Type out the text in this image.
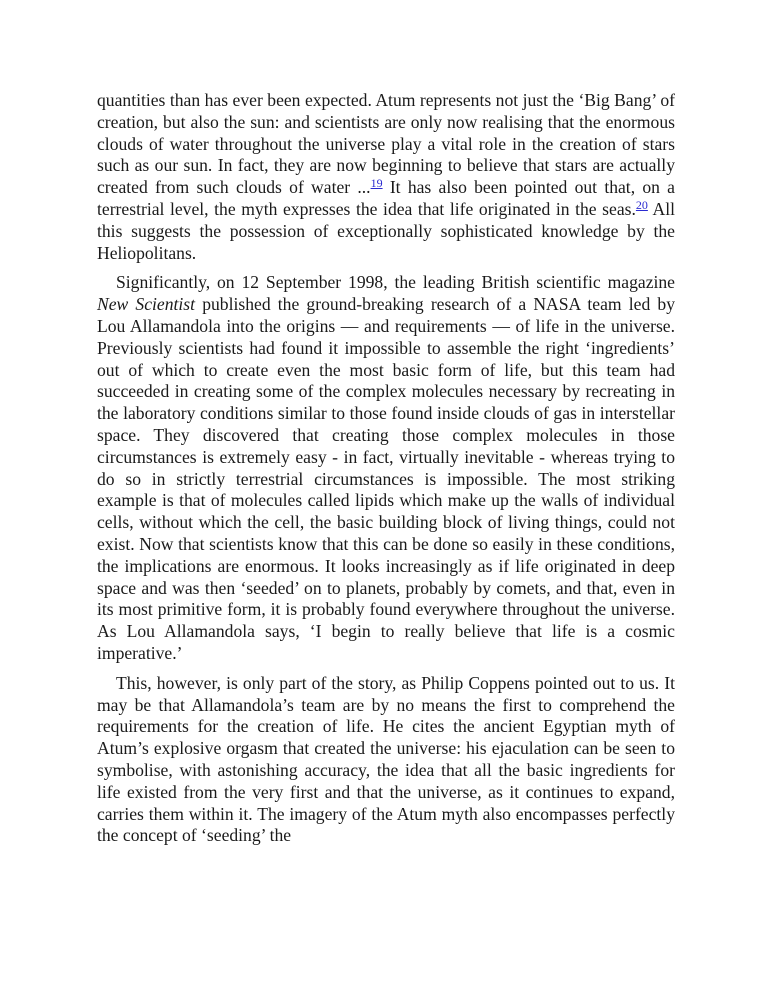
quantities than has ever been expected. Atum represents not just the ‘Big Bang’ of creation, but also the sun: and scientists are only now realising that the enormous clouds of water throughout the universe play a vital role in the creation of stars such as our sun. In fact, they are now beginning to believe that stars are actually created from such clouds of water ...$^{19}$ It has also been pointed out that, on a terrestrial level, the myth expresses the idea that life originated in the seas.$^{20}$ All this suggests the possession of exceptionally sophisticated knowledge by the Heliopolitans.

Significantly, on 12 September 1998, the leading British scientific magazine New Scientist published the ground-breaking research of a NASA team led by Lou Allamandola into the origins — and requirements — of life in the universe. Previously scientists had found it impossible to assemble the right ‘ingredients’ out of which to create even the most basic form of life, but this team had succeeded in creating some of the complex molecules necessary by recreating in the laboratory conditions similar to those found inside clouds of gas in interstellar space. They discovered that creating those complex molecules in those circumstances is extremely easy - in fact, virtually inevitable - whereas trying to do so in strictly terrestrial circumstances is impossible. The most striking example is that of molecules called lipids which make up the walls of individual cells, without which the cell, the basic building block of living things, could not exist. Now that scientists know that this can be done so easily in these conditions, the implications are enormous. It looks increasingly as if life originated in deep space and was then ‘seeded’ on to planets, probably by comets, and that, even in its most primitive form, it is probably found everywhere throughout the universe. As Lou Allamandola says, ‘I begin to really believe that life is a cosmic imperative.’

This, however, is only part of the story, as Philip Coppens pointed out to us. It may be that Allamandola’s team are by no means the first to comprehend the requirements for the creation of life. He cites the ancient Egyptian myth of Atum’s explosive orgasm that created the universe: his ejaculation can be seen to symbolise, with astonishing accuracy, the idea that all the basic ingredients for life existed from the very first and that the universe, as it continues to expand, carries them within it. The imagery of the Atum myth also encompasses perfectly the concept of ‘seeding’ the
